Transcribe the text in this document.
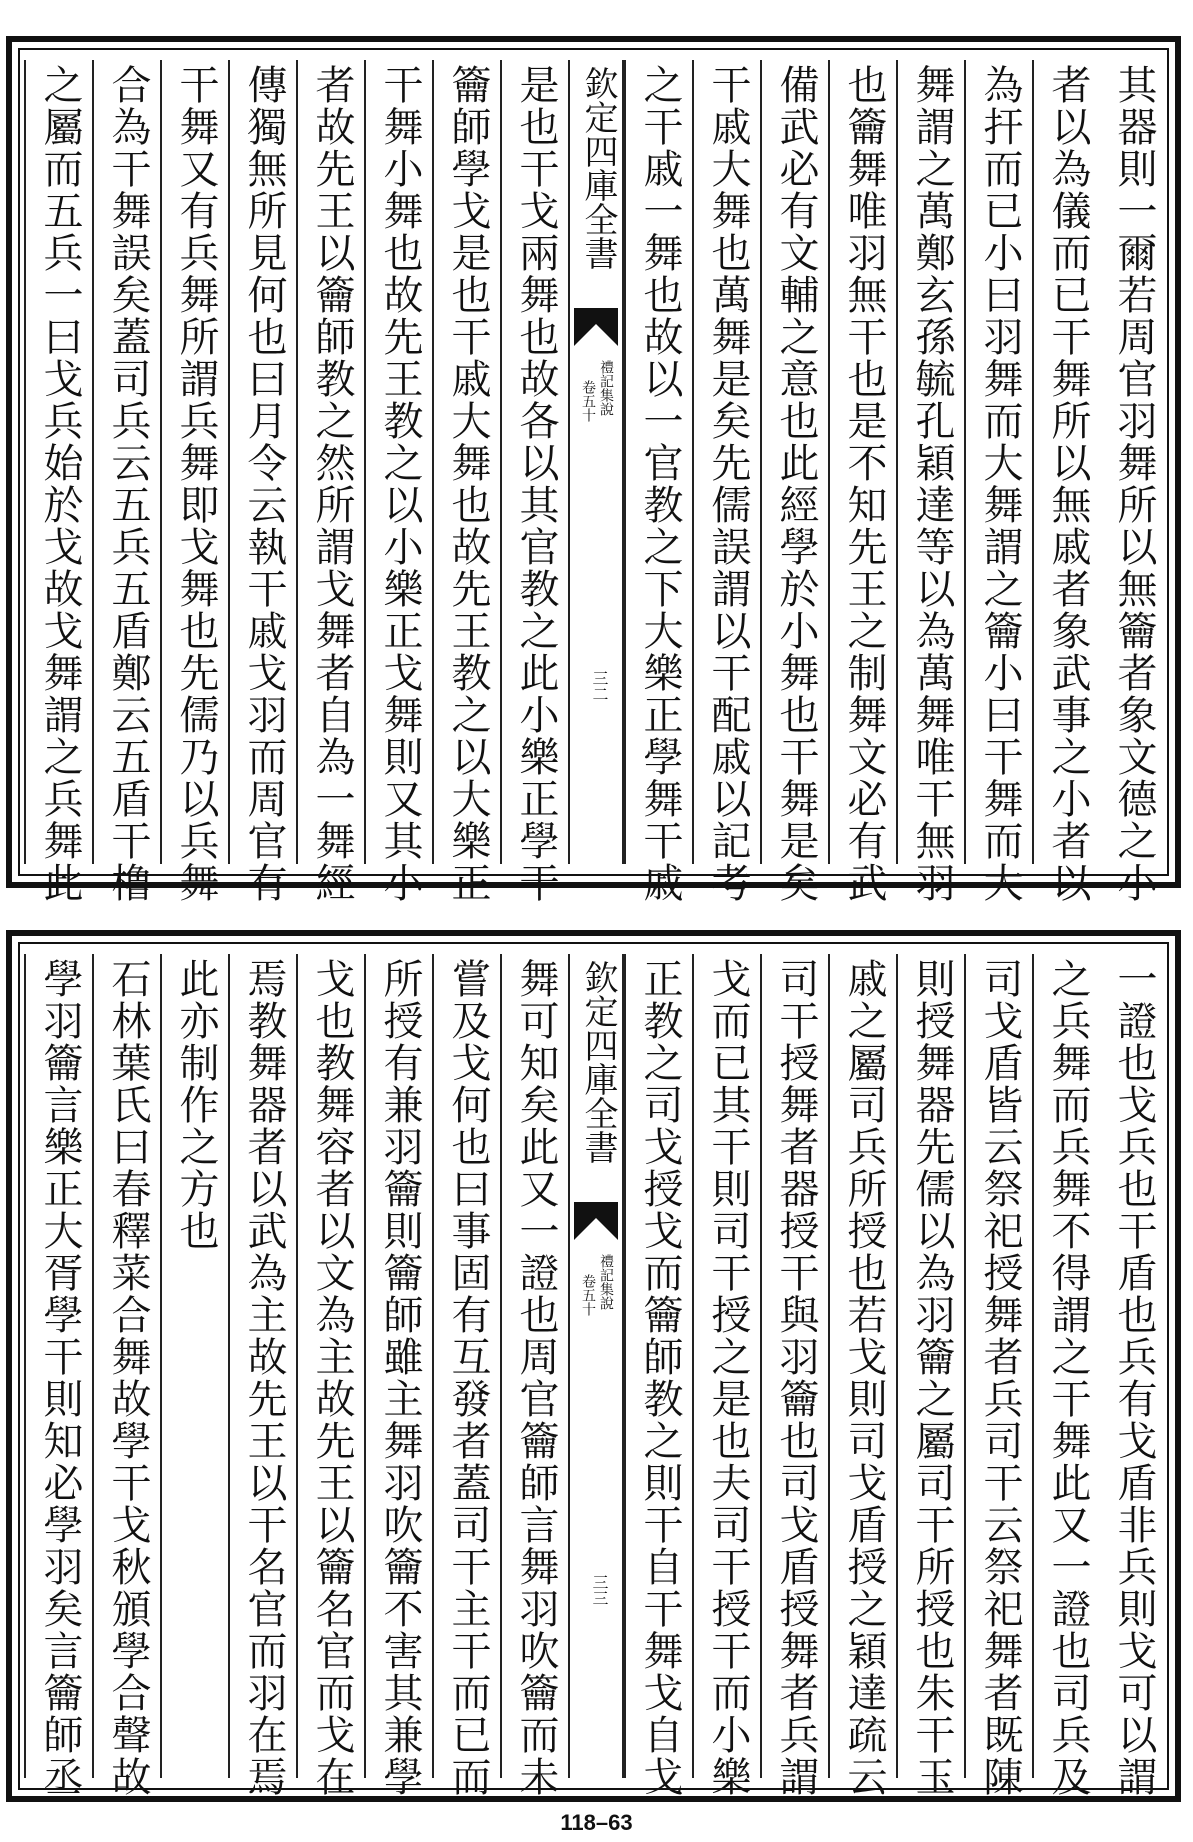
其器則一爾若周官羽舞所以無籥者象文德之小
者以為儀而已干舞所以無戚者象武事之小者以
為扞而已小曰羽舞而大舞謂之籥小曰干舞而大
舞謂之萬鄭玄孫毓孔穎達等以為萬舞唯干無羽
也籥舞唯羽無干也是不知先王之制舞文必有武
備武必有文輔之意也此經學於小舞也干舞是矣
干戚大舞也萬舞是矣先儒誤謂以干配戚以記考
之干戚一舞也故以一官教之下大樂正學舞干戚
欽定四庫全書
禮記集說
卷五十
三二
是也干戈兩舞也故各以其官教之此小樂正學干
籥師學戈是也干戚大舞也故先王教之以大樂正
干舞小舞也故先王教之以小樂正戈舞則又其小
者故先王以籥師教之然所謂戈舞者自為一舞經
傳獨無所見何也曰月令云執干戚戈羽而周官有
干舞又有兵舞所謂兵舞即戈舞也先儒乃以兵舞
合為干舞誤矣蓋司兵云五兵五盾鄭云五盾干櫓
之屬而五兵一曰戈兵始於戈故戈舞謂之兵舞此
一證也戈兵也干盾也兵有戈盾非兵則戈可以謂
之兵舞而兵舞不得謂之干舞此又一證也司兵及
司戈盾皆云祭祀授舞者兵司干云祭祀舞者既陳
則授舞器先儒以為羽籥之屬司干所授也朱干玉
戚之屬司兵所授也若戈則司戈盾授之穎達疏云
司干授舞者器授干與羽籥也司戈盾授舞者兵謂
戈而已其干則司干授之是也夫司干授干而小樂
正教之司戈授戈而籥師教之則干自干舞戈自戈
欽定四庫全書
禮記集說
卷五十
三三
舞可知矣此又一證也周官籥師言舞羽吹籥而未
嘗及戈何也曰事固有互發者蓋司干主干而已而
所授有兼羽籥則籥師雖主舞羽吹籥不害其兼學
戈也教舞容者以文為主故先王以籥名官而戈在
焉教舞器者以武為主故先王以干名官而羽在焉
此亦制作之方也
石林葉氏曰春釋菜合舞故學干戈秋頒學合聲故
學羽籥言樂正大胥學干則知必學羽矣言籥師丞
118–63
